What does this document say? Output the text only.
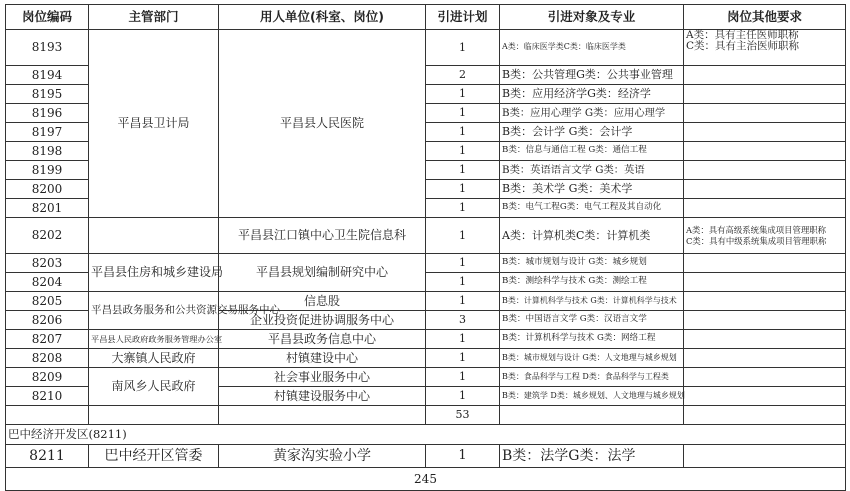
岗位编码	主管部门	用人单位(科室、岗位)	引进计划	引进对象及专业	岗位其他要求
8193	平昌县卫计局	平昌县人民医院	1	A类：临床医学类C类：临床医学类	A类：具有主任医师职称
C类：具有主治医师职称

8194			2	B类：公共管理G类：公共事业管理	
8195			1	B类：应用经济学G类：经济学	
8196			1	B类：应用心理学 G类：应用心理学	
8197			1	B类：会计学 G类：会计学	
8198			1	B类：信息与通信工程 G类：通信工程	
8199			1	B类：英语语言文学 G类：英语	
8200			1	B类：美术学 G类：美术学	
8201			1	B类：电气工程G类：电气工程及其自动化	
8202		平昌县江口镇中心卫生院信息科	1	A类：计算机类C类：计算机类	A类：具有高级系统集成项目管理职称
C类：具有中级系统集成项目管理职称

8203	平昌县住房和城乡建设局	平昌县规划编制研究中心	1	B类：城市规划与设计 G类：城乡规划	
8204			1	B类：测绘科学与技术 G类：测绘工程	
8205	平昌县政务服务和公共资源交易服务中心	信息股	1	B类：计算机科学与技术 G类：计算机科学与技术	
8206		企业投资促进协调服务中心	3	B类：中国语言文学 G类：汉语言文学	
8207	平昌县人民政府政务服务管理办公室	平昌县政务信息中心	1	B类：计算机科学与技术 G类：网络工程	
8208	大寨镇人民政府	村镇建设中心	1	B类：城市规划与设计 G类：人文地理与城乡规划	
8209	南风乡人民政府	社会事业服务中心	1	B类：食品科学与工程 D类：食品科学与工程类	
8210		村镇建设服务中心	1	B类：建筑学 D类：城乡规划、人文地理与城乡规划	
			53		
巴中经济开发区(8211)					
8211	巴中经开区管委	黄家沟实验小学	1	B类：法学G类：法学	
245					
